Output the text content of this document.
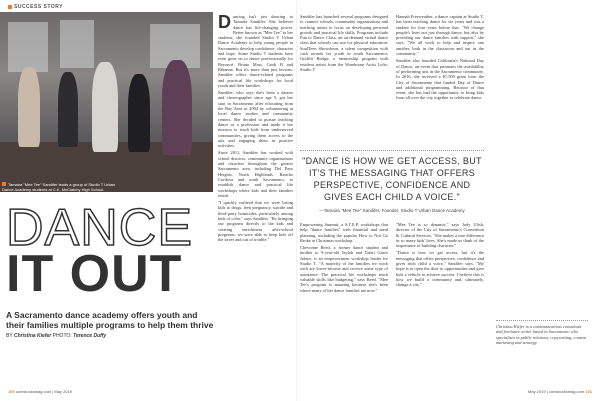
SUCCESS STORY
Tamaira "Mee Tee" Sandifer leads a group of Studio T Urban Dance Academy students at C.K. McClatchy High School.
DANCE
IT OUT
A Sacramento dance academy offers youth and their families multiple programs to help them thrive
BY Christina Kiefer PHOTO: Terence Duffy

Dancing isn't just dancing to Tamaira Sandifer. She believes dance has life-changing power. Better known as "Mee Tee" to her students, she founded Studio T Urban Dance Academy to help young people in Sacramento develop confidence, character and hope. Some Studio T students have even gone on to dance professionally for Beyoncé, Bruno Mars, Cardi B and Rihanna. But it's more than just lessons: Sandifer offers dance-related programs and practical life workshops for local youth and their families.

Sandifer, who says she's been a dancer and choreographer since age 5, got her start in Sacramento after relocating from the Bay Area in 2004 by volunteering at local dance studios and community centers. She decided to pursue teaching dance as a profession and made it her mission to teach kids from underserved communities, giving them access to the arts and engaging them in positive activities.

Since 2011, Sandifer has worked with school districts, community organizations and churches throughout the greater Sacramento area, including Del Paso Heights, North Highlands, Rancho Cordova and south Sacramento, to establish dance and practical life workshops where kids and their families reside.

"I quickly realized that we were losing kids to drugs, teen pregnancy, suicide and third-party homicides, particularly among kids of color," says Sandifer. "By bringing our programs directly to the kids and creating enrichment after-school programs, we were able to keep kids off the street and out of trouble."

Sandifer has launched several programs designed to connect schools, community organizations and teaching artists to focus on developing personal growth and practical life skills. Programs include Fun to Dance Class, an on-demand virtual dance class that schools can use for physical education; SoulTeen Showdown, a talent competition with cash awards for youth in south Sacramento; Graffiti Bridge, a mentorship program with resident artists from the Warehouse Artist Lofts; Studio T

"DANCE IS HOW WE GET ACCESS, BUT IT'S THE MESSAGING THAT OFFERS PERSPECTIVE, CONFIDENCE AND GIVES EACH CHILD A VOICE."
—Tamaira "Mee Tee" Sandifer, Founder, Studio T Urban Dance Academy

Empowering Summit, a S.T.E.P. workshops that help "dance families" with financial and meal planning, including the popular How to Not Go Broke at Christmas workshop.

Chevonne Reed, a former dance student and mother to 9-year-old Jaylah and Tafari Grace Jalaye, is an empowerment workshop leader for Studio T. "A majority of the families we work with are lower-income and receive some type of assistance. The practical life workshops teach valuable skills like budgeting," says Reed. "Mee Tee's program is amazing because she's been where many of her dance families are now."

Hannah Freeweather, a dance captain at Studio T, has been teaching dance for six years and was a student for four years before that. "We change people's lives not just through dance, but also by providing our dance families with support," she says. "We all work to help and inspire one another, both in the classroom and out in the community."

Sandifer also founded California's National Day of Dance, an event that promotes the availability of performing arts in the Sacramento community. In 2016, she received a $7,500 grant from the City of Sacramento that funded Day of Dance and additional programming. Because of that event, she has had the opportunity to bring kids from all over the city together to celebrate dance.

"Mee Tee is so dynamic," says Jody Ulish, director of the City of Sacramento's Convention & Cultural Services. "She makes a true difference in so many kids' lives. She's made us think of the importance of building character."

"Dance is how we get access, but it's the messaging that offers perspective, confidence and gives each child a voice," Sandifer says. "My hope is to open the door to opportunities and give kids a vehicle to achieve success. I believe this is how we build a community and, ultimately, change a city."

Christina Kiefer is a communications consultant and freelance writer based in Sacramento who specializes in public relations, copywriting, content marketing and strategy.
100 comstocksmag.com | May 2019	May 2019 | comstocksmag.com 101
